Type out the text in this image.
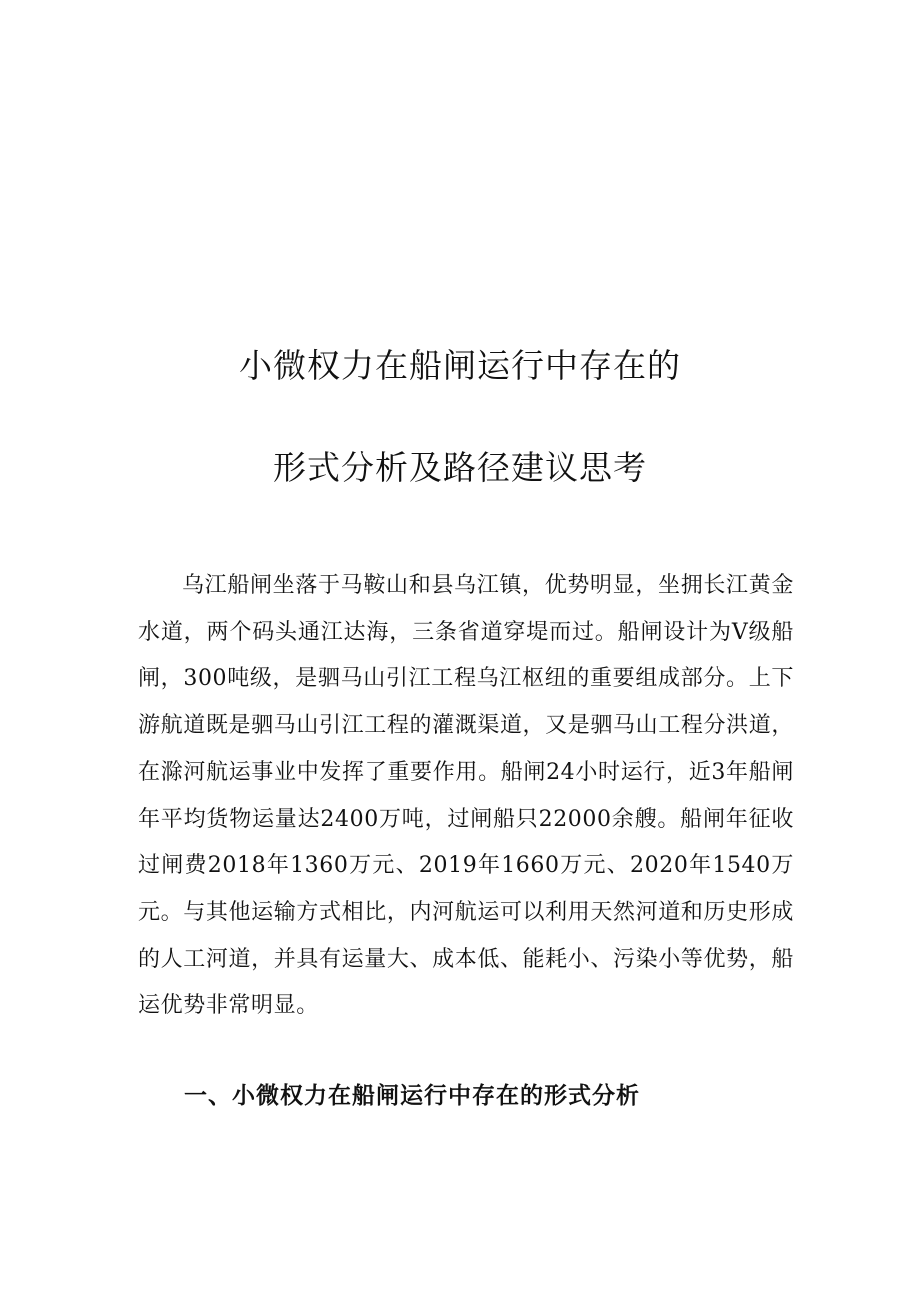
小微权力在船闸运行中存在的
形式分析及路径建议思考

乌江船闸坐落于马鞍山和县乌江镇，优势明显，坐拥长江黄金水道，两个码头通江达海，三条省道穿堤而过。船闸设计为V级船闸，300吨级，是驷马山引江工程乌江枢纽的重要组成部分。上下游航道既是驷马山引江工程的灌溉渠道，又是驷马山工程分洪道，在滁河航运事业中发挥了重要作用。船闸24小时运行，近3年船闸年平均货物运量达2400万吨，过闸船只22000余艘。船闸年征收过闸费2018年1360万元、2019年1660万元、2020年1540万元。与其他运输方式相比，内河航运可以利用天然河道和历史形成的人工河道，并具有运量大、成本低、能耗小、污染小等优势，船运优势非常明显。

一、小微权力在船闸运行中存在的形式分析
